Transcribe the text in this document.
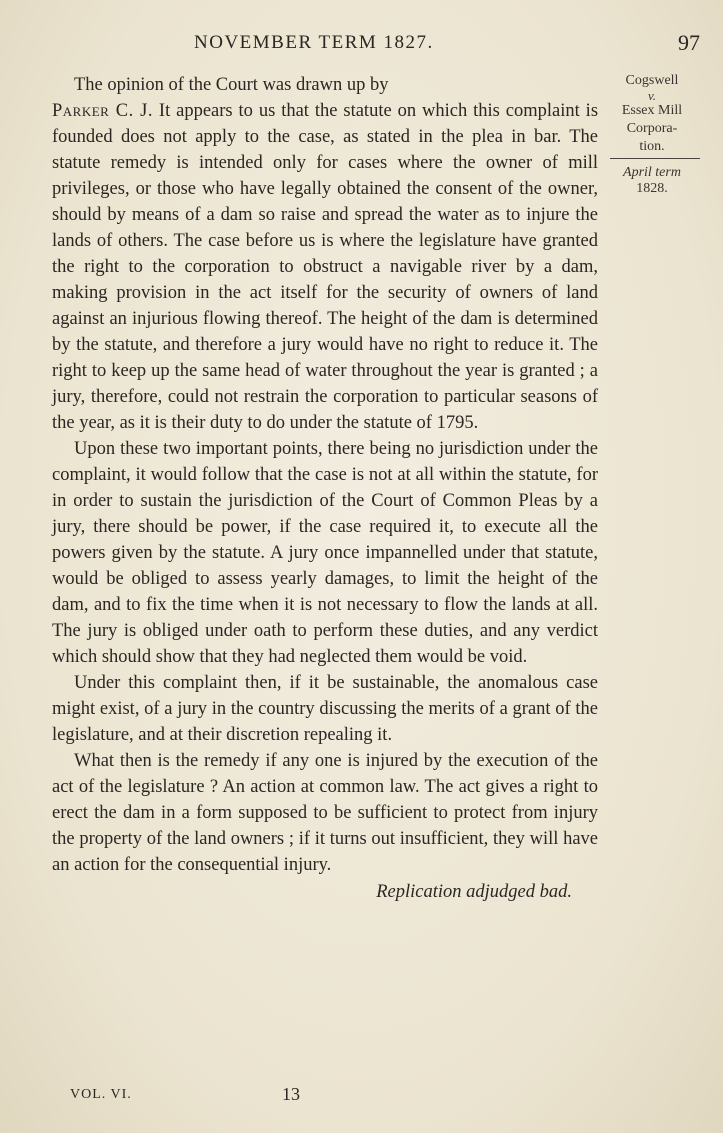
NOVEMBER TERM 1827.	97
Cogswell
v.
Essex Mill
Corpora-
tion.
April term
1828.

The opinion of the Court was drawn up by

Parker C. J. It appears to us that the statute on which this complaint is founded does not apply to the case, as stated in the plea in bar. The statute remedy is intended only for cases where the owner of mill privileges, or those who have legally obtained the consent of the owner, should by means of a dam so raise and spread the water as to injure the lands of others. The case before us is where the legislature have granted the right to the corporation to obstruct a navigable river by a dam, making provision in the act itself for the security of owners of land against an injurious flowing thereof. The height of the dam is determined by the statute, and therefore a jury would have no right to reduce it. The right to keep up the same head of water throughout the year is granted ; a jury, therefore, could not restrain the corporation to particular seasons of the year, as it is their duty to do under the statute of 1795.

Upon these two important points, there being no jurisdiction under the complaint, it would follow that the case is not at all within the statute, for in order to sustain the jurisdiction of the Court of Common Pleas by a jury, there should be power, if the case required it, to execute all the powers given by the statute. A jury once impannelled under that statute, would be obliged to assess yearly damages, to limit the height of the dam, and to fix the time when it is not necessary to flow the lands at all. The jury is obliged under oath to perform these duties, and any verdict which should show that they had neglected them would be void.

Under this complaint then, if it be sustainable, the anomalous case might exist, of a jury in the country discussing the merits of a grant of the legislature, and at their discretion repealing it.

What then is the remedy if any one is injured by the execution of the act of the legislature ? An action at common law. The act gives a right to erect the dam in a form supposed to be sufficient to protect from injury the property of the land owners ; if it turns out insufficient, they will have an action for the consequential injury.

Replication adjudged bad.
VOL. VI.	13
